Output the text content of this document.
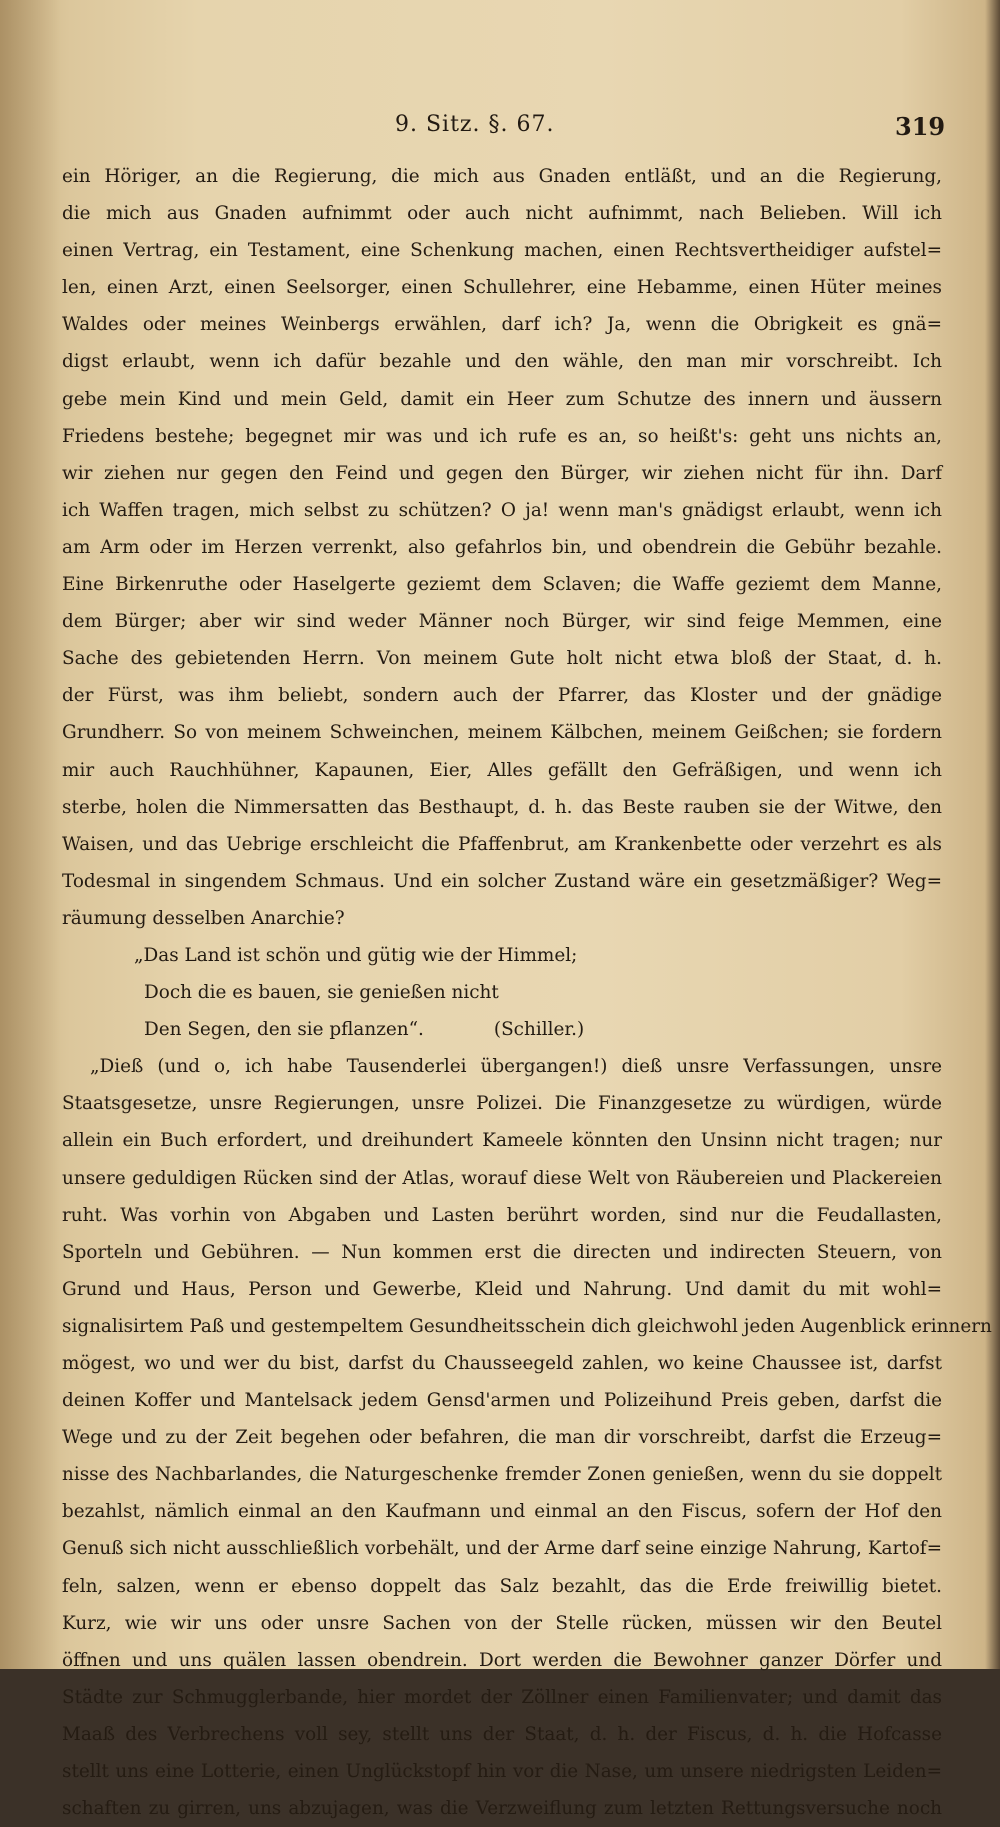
9. Sitz. §. 67.	319
ein Höriger, an die Regierung, die mich aus Gnaden entläßt, und an die Regierung,
die mich aus Gnaden aufnimmt oder auch nicht aufnimmt, nach Belieben. Will ich
einen Vertrag, ein Testament, eine Schenkung machen, einen Rechtsvertheidiger aufstel=
len, einen Arzt, einen Seelsorger, einen Schullehrer, eine Hebamme, einen Hüter meines
Waldes oder meines Weinbergs erwählen, darf ich? Ja, wenn die Obrigkeit es gnä=
digst erlaubt, wenn ich dafür bezahle und den wähle, den man mir vorschreibt. Ich
gebe mein Kind und mein Geld, damit ein Heer zum Schutze des innern und äussern
Friedens bestehe; begegnet mir was und ich rufe es an, so heißt's: geht uns nichts an,
wir ziehen nur gegen den Feind und gegen den Bürger, wir ziehen nicht für ihn. Darf
ich Waffen tragen, mich selbst zu schützen? O ja! wenn man's gnädigst erlaubt, wenn ich
am Arm oder im Herzen verrenkt, also gefahrlos bin, und obendrein die Gebühr bezahle.
Eine Birkenruthe oder Haselgerte geziemt dem Sclaven; die Waffe geziemt dem Manne,
dem Bürger; aber wir sind weder Männer noch Bürger, wir sind feige Memmen, eine
Sache des gebietenden Herrn. Von meinem Gute holt nicht etwa bloß der Staat, d. h.
der Fürst, was ihm beliebt, sondern auch der Pfarrer, das Kloster und der gnädige
Grundherr. So von meinem Schweinchen, meinem Kälbchen, meinem Geißchen; sie fordern
mir auch Rauchhühner, Kapaunen, Eier, Alles gefällt den Gefräßigen, und wenn ich
sterbe, holen die Nimmersatten das Besthaupt, d. h. das Beste rauben sie der Witwe, den
Waisen, und das Uebrige erschleicht die Pfaffenbrut, am Krankenbette oder verzehrt es als
Todesmal in singendem Schmaus. Und ein solcher Zustand wäre ein gesetzmäßiger? Weg=
räumung desselben Anarchie?
„Das Land ist schön und gütig wie der Himmel;
Doch die es bauen, sie genießen nicht
Den Segen, den sie pflanzen“.	(Schiller.)
„Dieß (und o, ich habe Tausenderlei übergangen!) dieß unsre Verfassungen, unsre
Staatsgesetze, unsre Regierungen, unsre Polizei. Die Finanzgesetze zu würdigen, würde
allein ein Buch erfordert, und dreihundert Kameele könnten den Unsinn nicht tragen; nur
unsere geduldigen Rücken sind der Atlas, worauf diese Welt von Räubereien und Plackereien
ruht. Was vorhin von Abgaben und Lasten berührt worden, sind nur die Feudallasten,
Sporteln und Gebühren. — Nun kommen erst die directen und indirecten Steuern, von
Grund und Haus, Person und Gewerbe, Kleid und Nahrung. Und damit du mit wohl=
signalisirtem Paß und gestempeltem Gesundheitsschein dich gleichwohl jeden Augenblick erinnern
mögest, wo und wer du bist, darfst du Chausseegeld zahlen, wo keine Chaussee ist, darfst
deinen Koffer und Mantelsack jedem Gensd'armen und Polizeihund Preis geben, darfst die
Wege und zu der Zeit begehen oder befahren, die man dir vorschreibt, darfst die Erzeug=
nisse des Nachbarlandes, die Naturgeschenke fremder Zonen genießen, wenn du sie doppelt
bezahlst, nämlich einmal an den Kaufmann und einmal an den Fiscus, sofern der Hof den
Genuß sich nicht ausschließlich vorbehält, und der Arme darf seine einzige Nahrung, Kartof=
feln, salzen, wenn er ebenso doppelt das Salz bezahlt, das die Erde freiwillig bietet.
Kurz, wie wir uns oder unsre Sachen von der Stelle rücken, müssen wir den Beutel
öffnen und uns quälen lassen obendrein. Dort werden die Bewohner ganzer Dörfer und
Städte zur Schmugglerbande, hier mordet der Zöllner einen Familienvater; und damit das
Maaß des Verbrechens voll sey, stellt uns der Staat, d. h. der Fiscus, d. h. die Hofcasse
stellt uns eine Lotterie, einen Unglückstopf hin vor die Nase, um unsere niedrigsten Leiden=
schaften zu girren, uns abzujagen, was die Verzweiflung zum letzten Rettungsversuche noch
